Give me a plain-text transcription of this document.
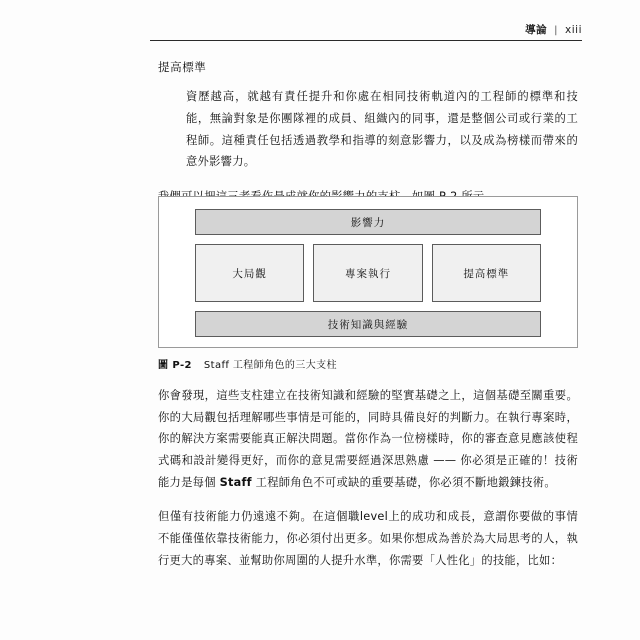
導論 | xiii
提高標準

資歷越高，就越有責任提升和你處在相同技術軌道內的工程師的標準和技能，無論對象是你團隊裡的成員、組織內的同事，還是整個公司或行業的工程師。這種責任包括透過教學和指導的刻意影響力，以及成為榜樣而帶來的意外影響力。

影響力
大局觀	專案執行	提高標準
技術知識與經驗
圖 P-2 Staff 工程師角色的三大支柱

你會發現，這些支柱建立在技術知識和經驗的堅實基礎之上，這個基礎至關重要。你的大局觀包括理解哪些事情是可能的，同時具備良好的判斷力。在執行專案時，你的解決方案需要能真正解決問題。當你作為一位榜樣時，你的審查意見應該使程式碼和設計變得更好，而你的意見需要經過深思熟慮 —— 你必須是正確的！技術能力是每個 Staff 工程師角色不可或缺的重要基礎，你必須不斷地鍛鍊技術。

但僅有技術能力仍遠遠不夠。在這個職level上的成功和成長，意謂你要做的事情不能僅僅依靠技術能力，你必須付出更多。如果你想成為善於為大局思考的人，執行更大的專案、並幫助你周圍的人提升水準，你需要「人性化」的技能，比如：
